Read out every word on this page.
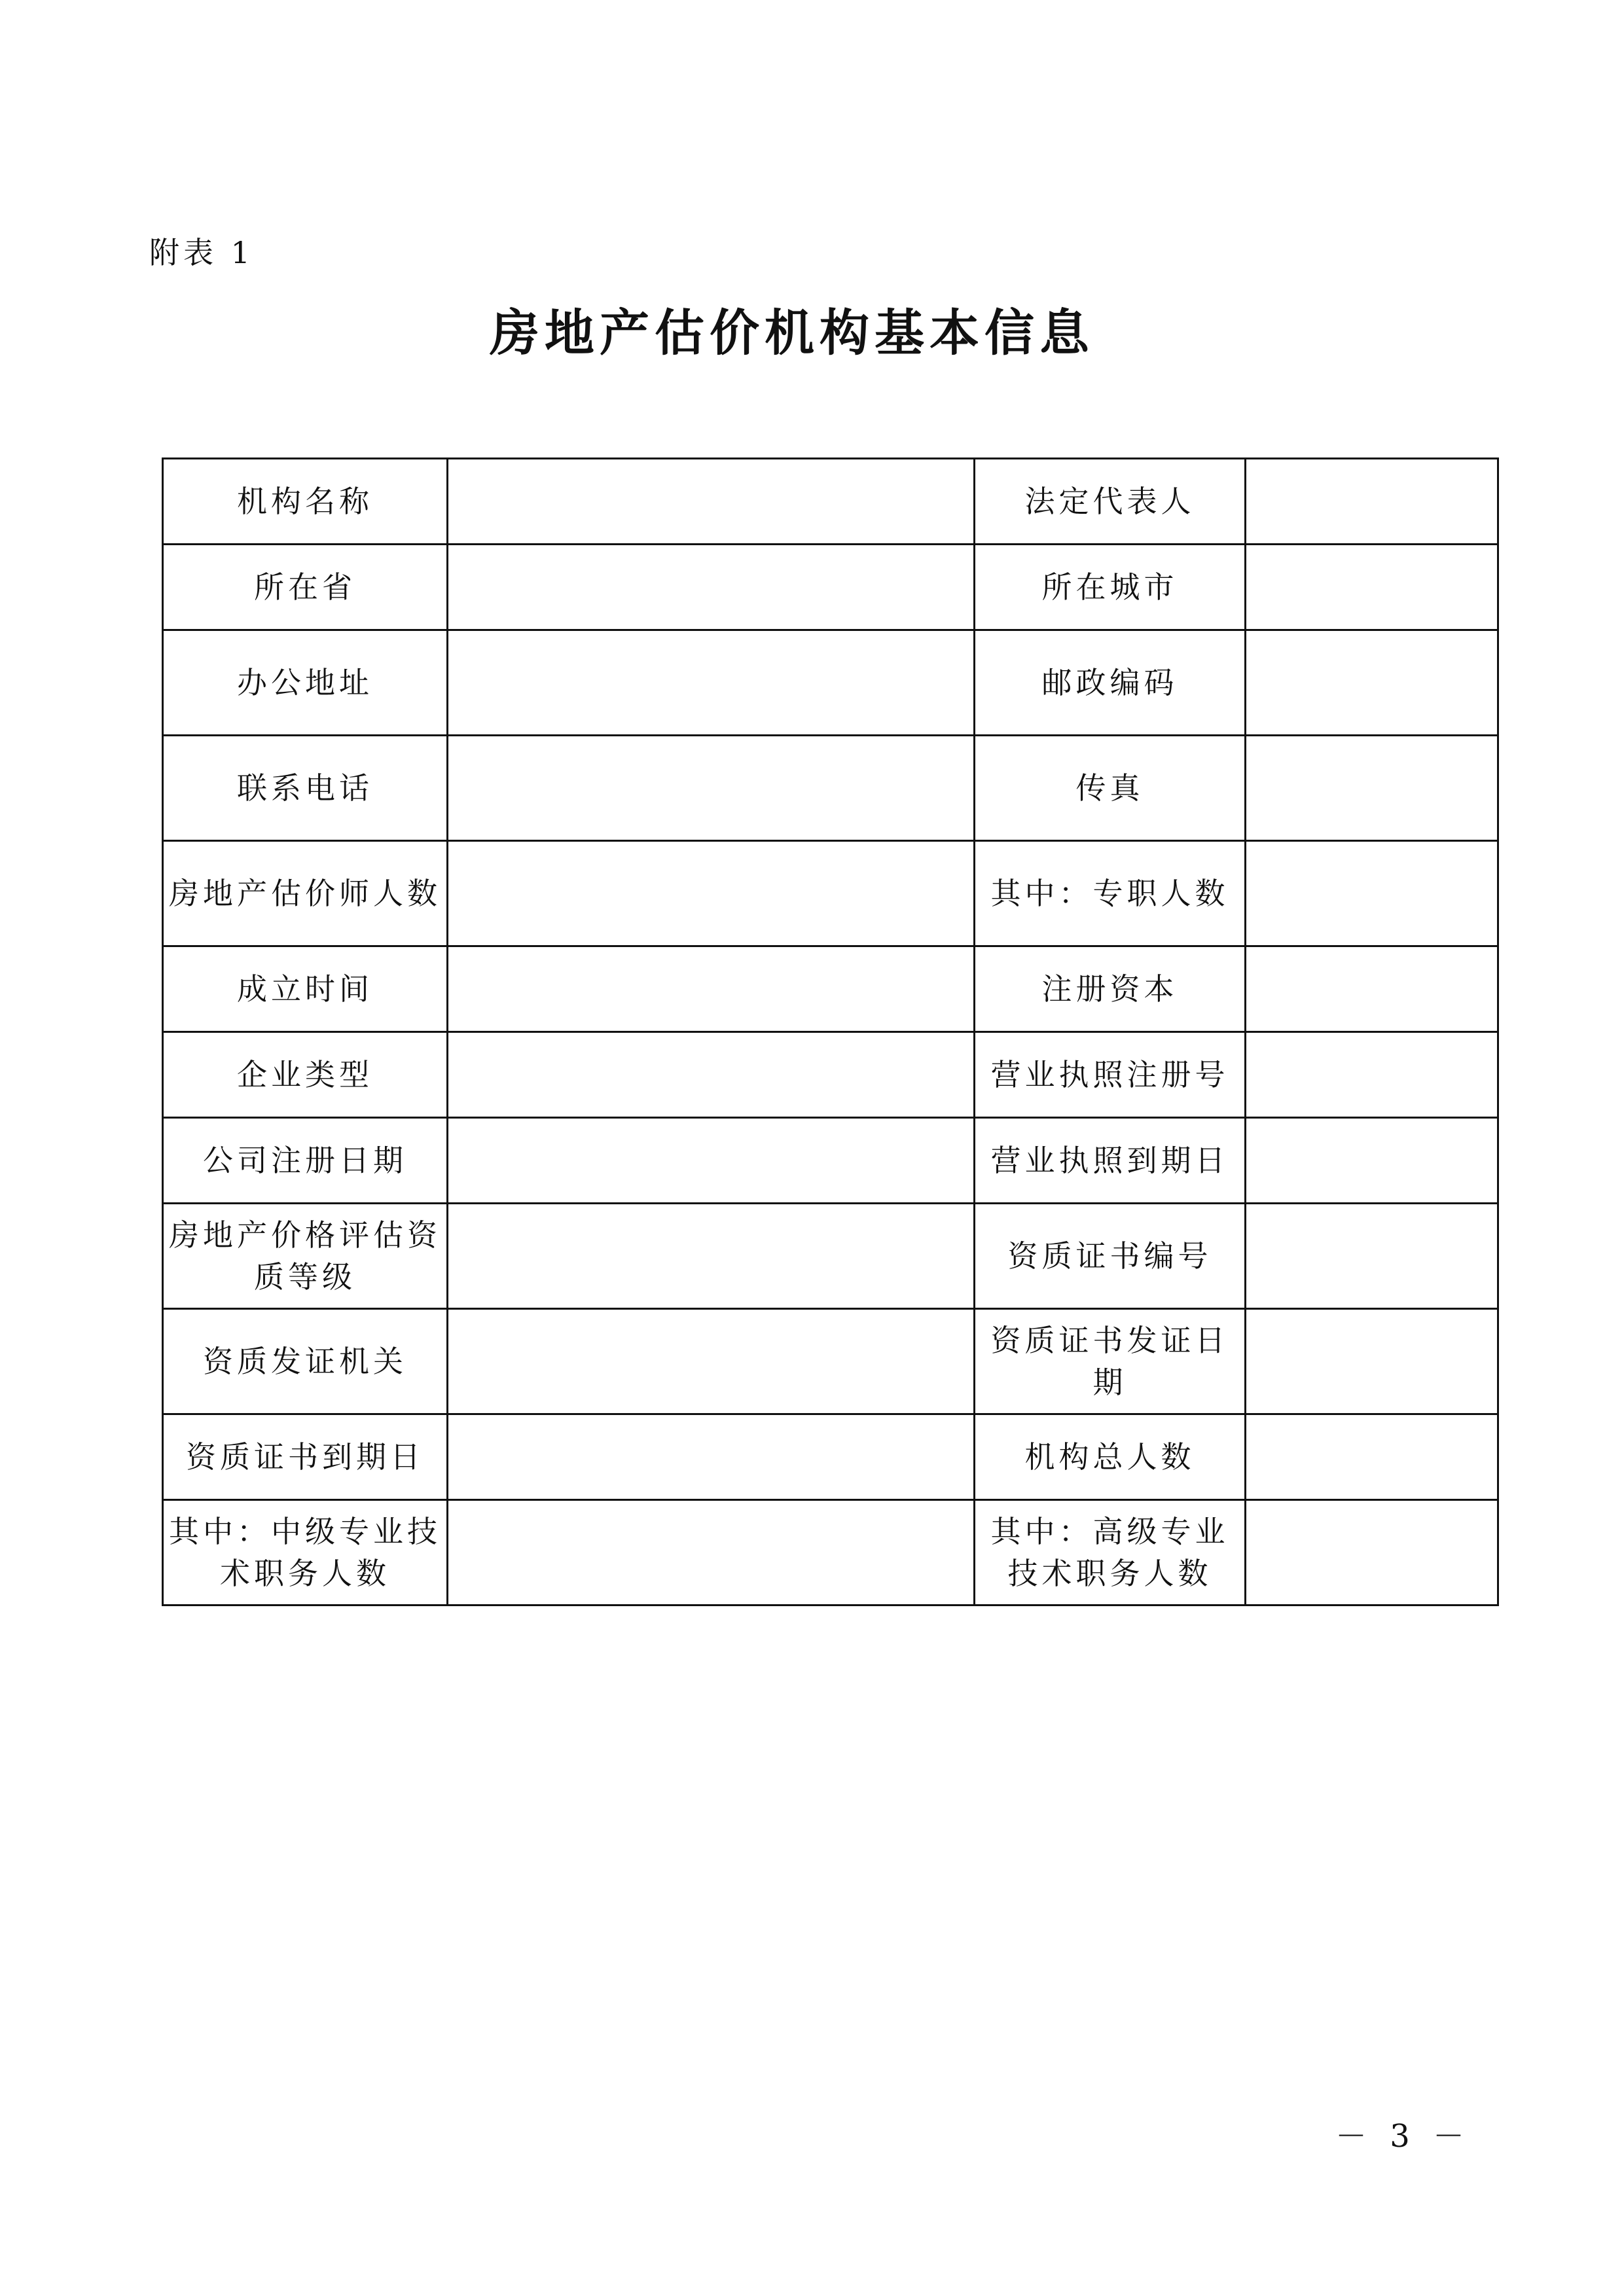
附表 1
房地产估价机构基本信息
机构名称		法定代表人	
所在省		所在城市	
办公地址		邮政编码	
联系电话		传真	
房地产估价师人数		其中：专职人数	
成立时间		注册资本	
企业类型		营业执照注册号	
公司注册日期		营业执照到期日	
房地产价格评估资质等级		资质证书编号	
资质发证机关		资质证书发证日期	
资质证书到期日		机构总人数	
其中：中级专业技术职务人数		其中：高级专业技术职务人数	
－ 3 －
